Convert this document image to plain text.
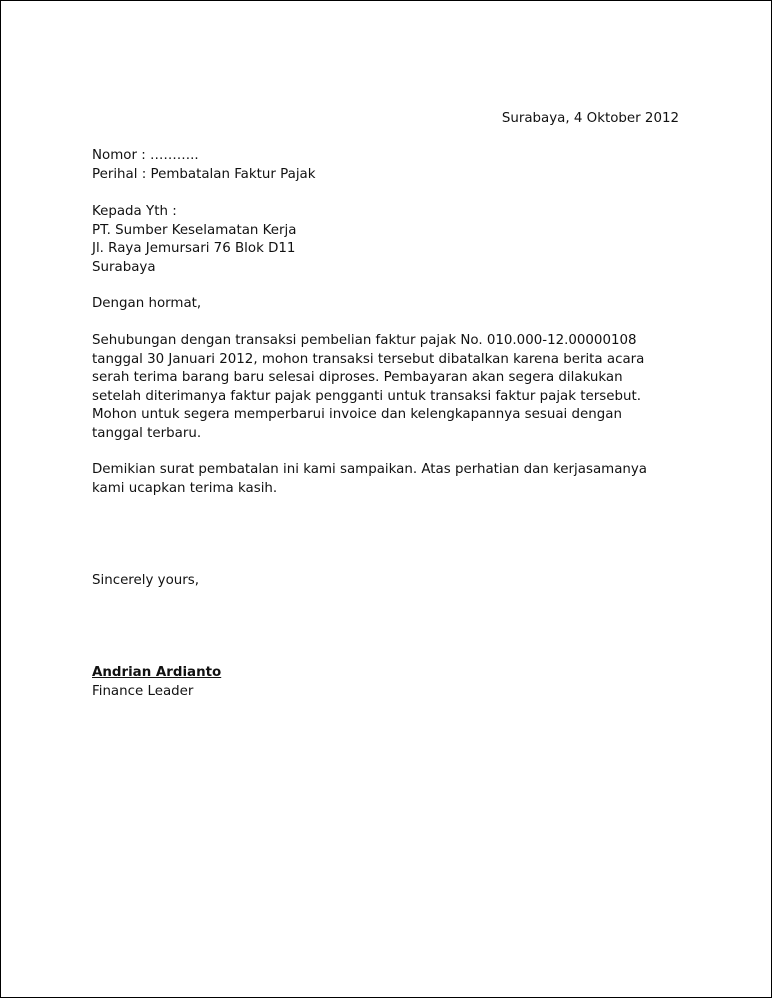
Surabaya, 4 Oktober 2012
Nomor : ………..
Perihal : Pembatalan Faktur Pajak
Kepada Yth :
PT. Sumber Keselamatan Kerja
Jl. Raya Jemursari 76 Blok D11
Surabaya
Dengan hormat,
Sehubungan dengan transaksi pembelian faktur pajak No. 010.000-12.00000108
tanggal 30 Januari 2012, mohon transaksi tersebut dibatalkan karena berita acara
serah terima barang baru selesai diproses. Pembayaran akan segera dilakukan
setelah diterimanya faktur pajak pengganti untuk transaksi faktur pajak tersebut.
Mohon untuk segera memperbarui invoice dan kelengkapannya sesuai dengan
tanggal terbaru.
Demikian surat pembatalan ini kami sampaikan. Atas perhatian dan kerjasamanya
kami ucapkan terima kasih.
Sincerely yours,
Andrian Ardianto
Finance Leader
